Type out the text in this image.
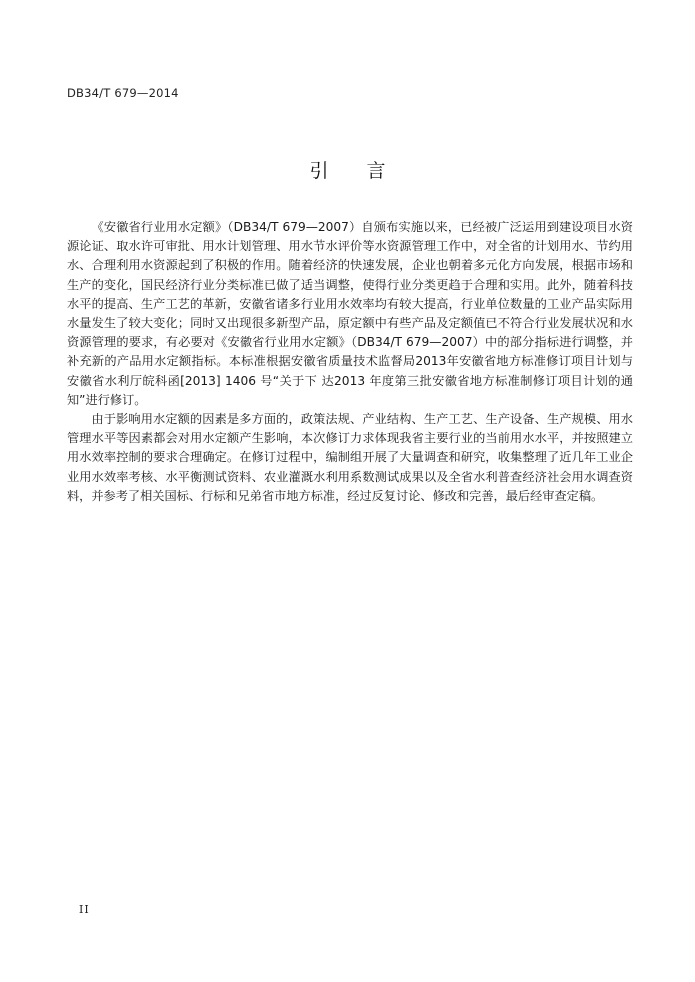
DB34/T 679—2014
引 言

《安徽省行业用水定额》（DB34/T 679—2007）自颁布实施以来，已经被广泛运用到建设项目水资源论证、取水许可审批、用水计划管理、用水节水评价等水资源管理工作中，对全省的计划用水、节约用水、合理利用水资源起到了积极的作用。随着经济的快速发展，企业也朝着多元化方向发展，根据市场和生产的变化，国民经济行业分类标准已做了适当调整，使得行业分类更趋于合理和实用。此外，随着科技水平的提高、生产工艺的革新，安徽省诸多行业用水效率均有较大提高，行业单位数量的工业产品实际用水量发生了较大变化；同时又出现很多新型产品，原定额中有些产品及定额值已不符合行业发展状况和水资源管理的要求，有必要对《安徽省行业用水定额》（DB34/T 679—2007）中的部分指标进行调整，并补充新的产品用水定额指标。本标准根据安徽省质量技术监督局2013年安徽省地方标准修订项目计划与安徽省水利厅皖科函[2013] 1406 号“关于下 达2013 年度第三批安徽省地方标准制修订项目计划的通知”进行修订。

由于影响用水定额的因素是多方面的，政策法规、产业结构、生产工艺、生产设备、生产规模、用水管理水平等因素都会对用水定额产生影响，本次修订力求体现我省主要行业的当前用水水平，并按照建立用水效率控制的要求合理确定。在修订过程中，编制组开展了大量调查和研究，收集整理了近几年工业企业用水效率考核、水平衡测试资料、农业灌溉水利用系数测试成果以及全省水利普查经济社会用水调查资料，并参考了相关国标、行标和兄弟省市地方标准，经过反复讨论、修改和完善，最后经审查定稿。

II
